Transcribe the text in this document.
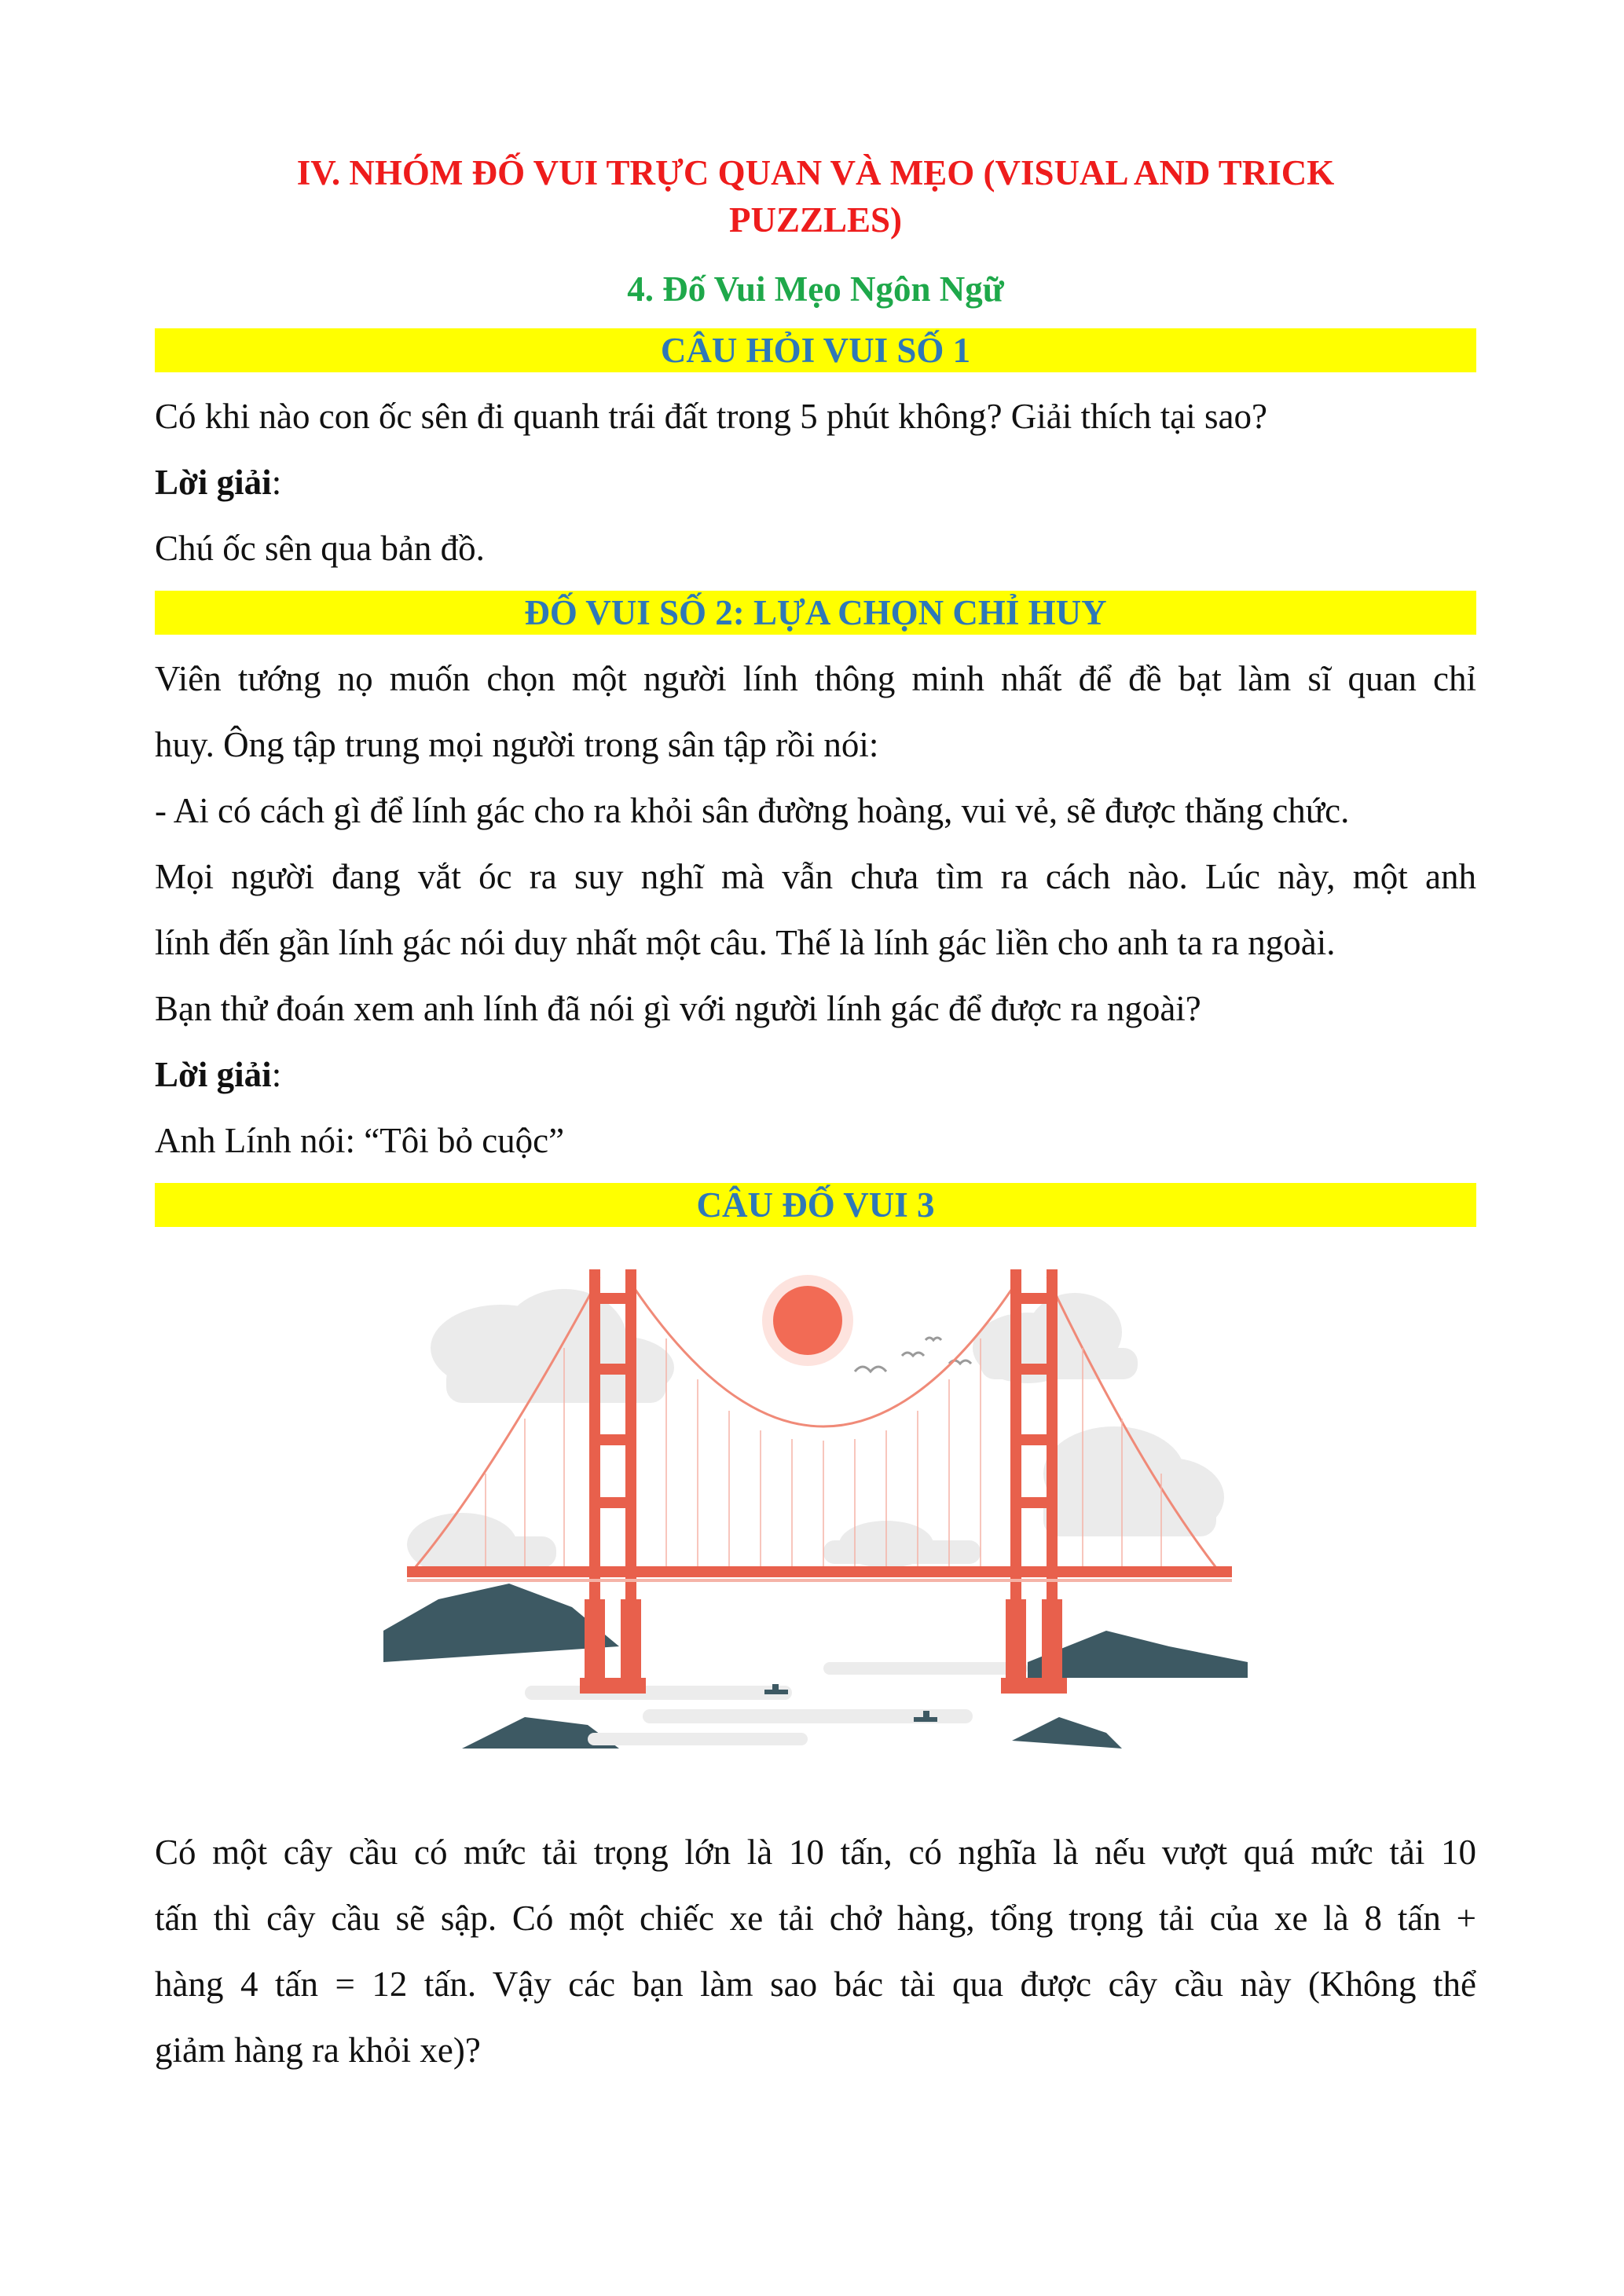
IV. NHÓM ĐỐ VUI TRỰC QUAN VÀ MẸO (VISUAL AND TRICK PUZZLES)
4. Đố Vui Mẹo Ngôn Ngữ
CÂU HỎI VUI SỐ 1

Có khi nào con ốc sên đi quanh trái đất trong 5 phút không? Giải thích tại sao?

Lời giải:

Chú ốc sên qua bản đồ.

ĐỐ VUI SỐ 2: LỰA CHỌN CHỈ HUY

Viên tướng nọ muốn chọn một người lính thông minh nhất để đề bạt làm sĩ quan chỉ

huy. Ông tập trung mọi người trong sân tập rồi nói:

- Ai có cách gì để lính gác cho ra khỏi sân đường hoàng, vui vẻ, sẽ được thăng chức.

Mọi người đang vắt óc ra suy nghĩ mà vẫn chưa tìm ra cách nào. Lúc này, một anh

lính đến gần lính gác nói duy nhất một câu. Thế là lính gác liền cho anh ta ra ngoài.

Bạn thử đoán xem anh lính đã nói gì với người lính gác để được ra ngoài?

Lời giải:

Anh Lính nói: “Tôi bỏ cuộc”

CÂU ĐỐ VUI 3

Có một cây cầu có mức tải trọng lớn là 10 tấn, có nghĩa là nếu vượt quá mức tải 10

tấn thì cây cầu sẽ sập. Có một chiếc xe tải chở hàng, tổng trọng tải của xe là 8 tấn +

hàng 4 tấn = 12 tấn. Vậy các bạn làm sao bác tài qua được cây cầu này (Không thể

giảm hàng ra khỏi xe)?
